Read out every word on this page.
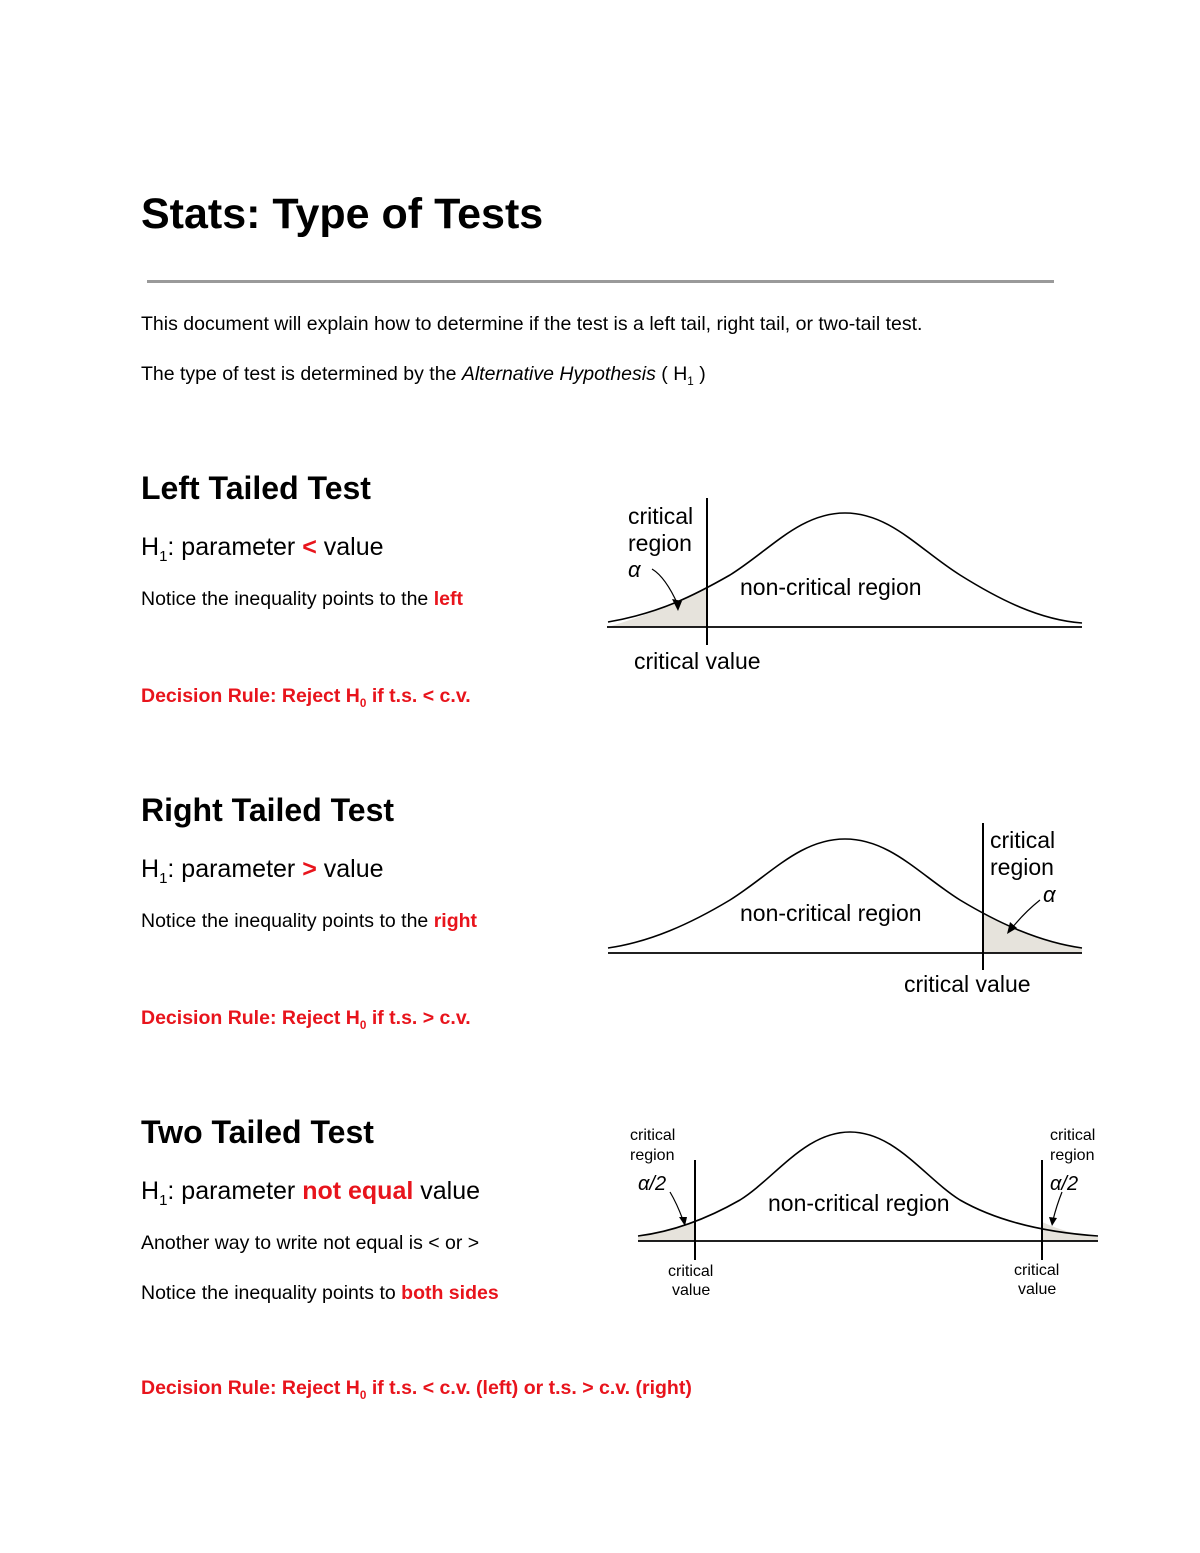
Stats: Type of Tests

This document will explain how to determine if the test is a left tail, right tail, or two-tail test.

The type of test is determined by the Alternative Hypothesis ( $H_1$ )

Left Tailed Test

$H_1$: parameter < value

Notice the inequality points to the left

Decision Rule: Reject $H_0$ if t.s. < c.v.

critical
region
α
non-critical region
critical value
Right Tailed Test

$H_1$: parameter > value

Notice the inequality points to the right

Decision Rule: Reject $H_0$ if t.s. > c.v.

critical
region
α
non-critical region
critical value
Two Tailed Test

$H_1$: parameter not equal value

Another way to write not equal is < or >

Notice the inequality points to both sides

Decision Rule: Reject $H_0$ if t.s. < c.v. (left) or t.s. > c.v. (right)

critical
region
α/2
critical
region
α/2
non-critical region
critical
value
critical
value
